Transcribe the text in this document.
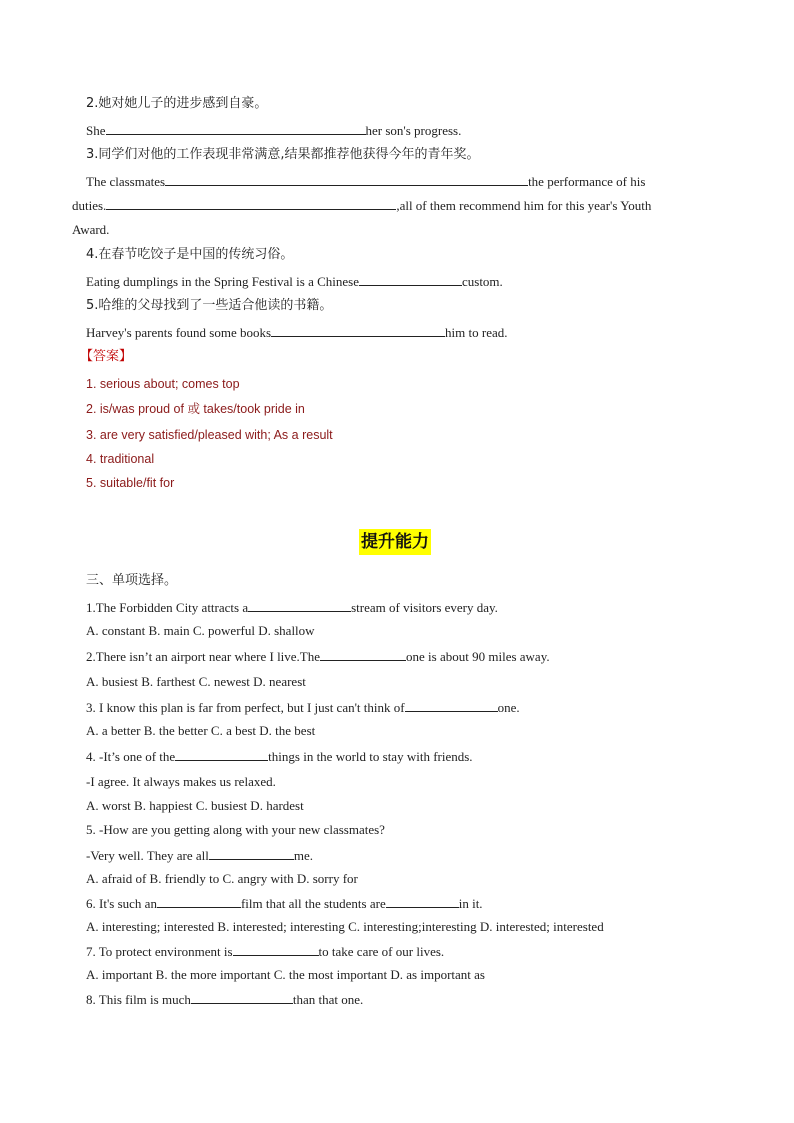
2.她对她儿子的进步感到自豪。
She	her son's progress.
3.同学们对他的工作表现非常满意,结果都推荐他获得今年的青年奖。
The classmates	the performance of his
duties.	,all of them recommend him for this year's Youth
Award.
4.在春节吃饺子是中国的传统习俗。
Eating dumplings in the Spring Festival is a Chinese	custom.
5.哈维的父母找到了一些适合他读的书籍。
Harvey's parents found some books	him to read.
【答案】
1. serious about; comes top
2. is/was proud of 或 takes/took pride in
3. are very satisfied/pleased with; As a result
4. traditional
5. suitable/fit for
提升能力
三、单项选择。
1.The Forbidden City attracts a	stream of visitors every day.
A. constant B. main C. powerful D. shallow
2.There isn’t an airport near where I live.The	one is about 90 miles away.
A. busiest B. farthest C. newest D. nearest
3. I know this plan is far from perfect, but I just can't think of	one.
A. a better B. the better C. a best D. the best
4. -It’s one of the	things in the world to stay with friends.
-I agree. It always makes us relaxed.
A. worst B. happiest C. busiest D. hardest
5. -How are you getting along with your new classmates?
-Very well. They are all	me.
A. afraid of B. friendly to C. angry with D. sorry for
6. It's such an	film that all the students are	in it.
A. interesting; interested B. interested; interesting C. interesting;interesting D. interested; interested
7. To protect environment is	to take care of our lives.
A. important B. the more important C. the most important D. as important as
8. This film is much	than that one.
